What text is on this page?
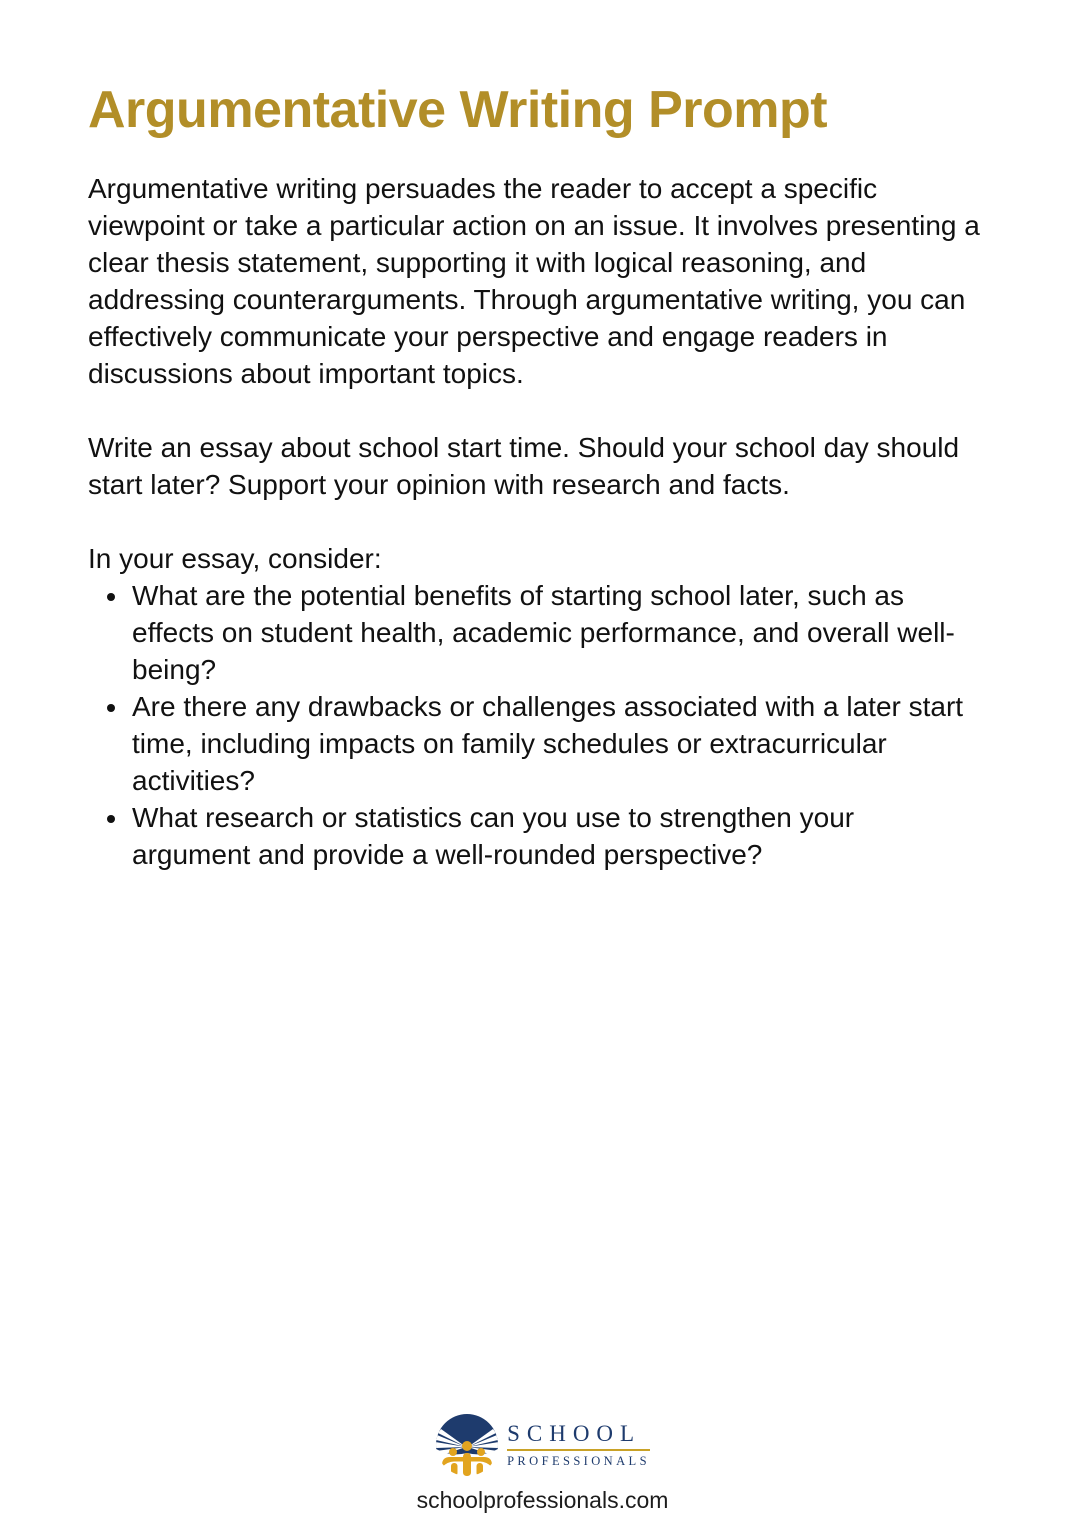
Argumentative Writing Prompt

Argumentative writing persuades the reader to accept a specific viewpoint or take a particular action on an issue. It involves presenting a clear thesis statement, supporting it with logical reasoning, and addressing counterarguments. Through argumentative writing, you can effectively communicate your perspective and engage readers in discussions about important topics.

Write an essay about school start time. Should your school day should start later? Support your opinion with research and facts.

In your essay, consider:

• What are the potential benefits of starting school later, such as effects on student health, academic performance, and overall well-being?
• Are there any drawbacks or challenges associated with a later start time, including impacts on family schedules or extracurricular activities?
• What research or statistics can you use to strengthen your argument and provide a well-rounded perspective?
SCHOOL
PROFESSIONALS
schoolprofessionals.com
